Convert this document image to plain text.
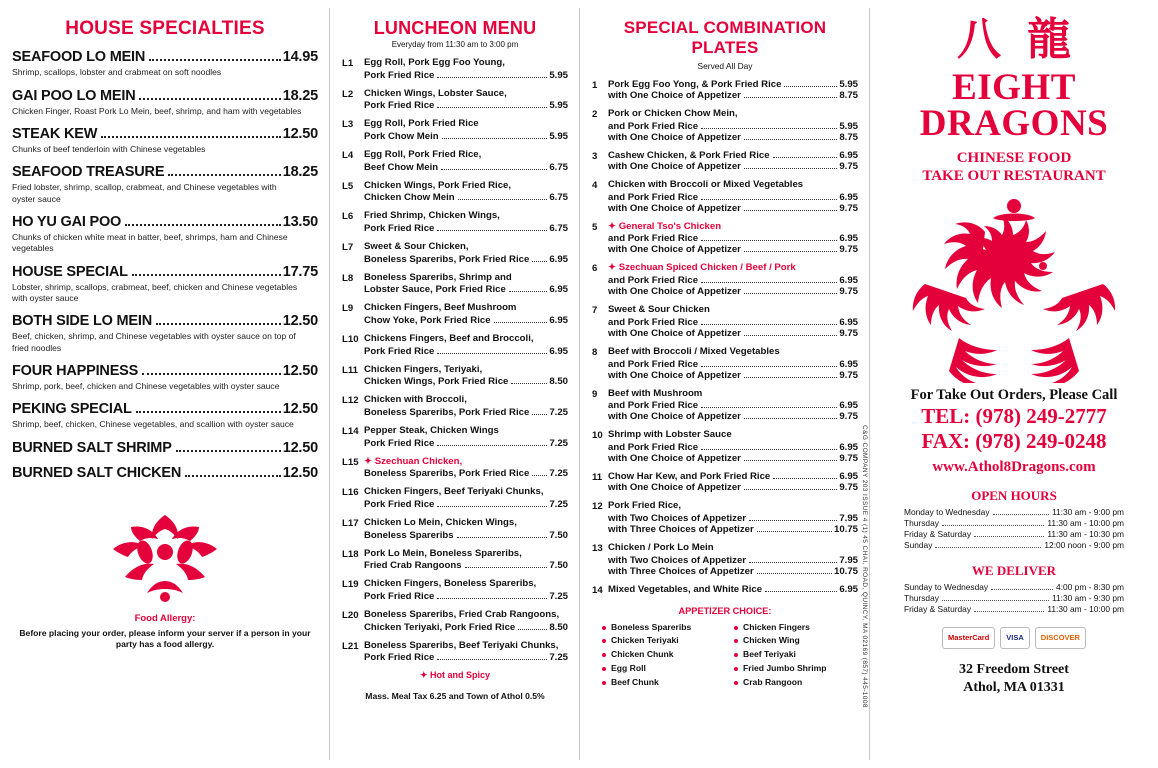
HOUSE SPECIALTIES
SEAFOOD LO MEIN	14.95
Shrimp, scallops, lobster and crabmeat on soft noodles
GAI POO LO MEIN	18.25
Chicken Finger, Roast Pork Lo Mein, beef, shrimp, and ham with vegetables
STEAK KEW	12.50
Chunks of beef tenderloin with Chinese vegetables
SEAFOOD TREASURE	18.25
Fried lobster, shrimp, scallop, crabmeat, and Chinese vegetables with oyster sauce
HO YU GAI POO	13.50
Chunks of chicken white meat in batter, beef, shrimps, ham and Chinese vegetables
HOUSE SPECIAL	17.75
Lobster, shrimp, scallops, crabmeat, beef, chicken and Chinese vegetables with oyster sauce
BOTH SIDE LO MEIN	12.50
Beef, chicken, shrimp, and Chinese vegetables with oyster sauce on top of fried noodles
FOUR HAPPINESS	12.50
Shrimp, pork, beef, chicken and Chinese vegetables with oyster sauce
PEKING SPECIAL	12.50
Shrimp, beef, chicken, Chinese vegetables, and scallion with oyster sauce
BURNED SALT SHRIMP	12.50
BURNED SALT CHICKEN	12.50
Food Allergy:
Before placing your order, please inform your server if a person in your party has a food allergy.
LUNCHEON MENU
Everyday from 11:30 am to 3:00 pm
L1	Egg Roll, Pork Egg Foo Young,
Pork Fried Rice	5.95
L2	Chicken Wings, Lobster Sauce,
Pork Fried Rice	5.95
L3	Egg Roll, Pork Fried Rice
Pork Chow Mein	5.95
L4	Egg Roll, Pork Fried Rice,
Beef Chow Mein	6.75
L5	Chicken Wings, Pork Fried Rice,
Chicken Chow Mein	6.75
L6	Fried Shrimp, Chicken Wings,
Pork Fried Rice	6.75
L7	Sweet & Sour Chicken,
Boneless Spareribs, Pork Fried Rice 6.95
L8	Boneless Spareribs, Shrimp and
Lobster Sauce, Pork Fried Rice	6.95
L9	Chicken Fingers, Beef Mushroom
Chow Yoke, Pork Fried Rice	6.95
L10 Chickens Fingers, Beef and Broccoli,
Pork Fried Rice	6.95
L11 Chicken Fingers, Teriyaki,
Chicken Wings, Pork Fried Rice	8.50
L12 Chicken with Broccoli,
Boneless Spareribs, Pork Fried Rice 7.25
L14 Pepper Steak, Chicken Wings
Pork Fried Rice	7.25
L15 ✦ Szechuan Chicken,
Boneless Spareribs, Pork Fried Rice 7.25
L16 Chicken Fingers, Beef Teriyaki Chunks,
Pork Fried Rice	7.25
L17 Chicken Lo Mein, Chicken Wings,
Boneless Spareribs	7.50
L18 Pork Lo Mein, Boneless Spareribs,
Fried Crab Rangoons	7.50
L19 Chicken Fingers, Boneless Spareribs,
Pork Fried Rice	7.25
L20 Boneless Spareribs, Fried Crab Rangoons,
Chicken Teriyaki, Pork Fried Rice	8.50
L21 Boneless Spareribs, Beef Teriyaki Chunks,
Pork Fried Rice	7.25
✦ Hot and Spicy
Mass. Meal Tax 6.25 and Town of Athol 0.5%
SPECIAL COMBINATION
PLATES
Served All Day
1	Pork Egg Foo Yong, & Pork Fried Rice	5.95
with One Choice of Appetizer	8.75
2	Pork or Chicken Chow Mein,
and Pork Fried Rice	5.95
with One Choice of Appetizer	8.75
3	Cashew Chicken, & Pork Fried Rice	6.95
with One Choice of Appetizer	9.75
4	Chicken with Broccoli or Mixed Vegetables
and Pork Fried Rice	6.95
with One Choice of Appetizer	9.75
5	✦ General Tso's Chicken
and Pork Fried Rice	6.95
with One Choice of Appetizer	9.75
6	✦ Szechuan Spiced Chicken / Beef / Pork
and Pork Fried Rice	6.95
with One Choice of Appetizer	9.75
7	Sweet & Sour Chicken
and Pork Fried Rice	6.95
with One Choice of Appetizer	9.75
8	Beef with Broccoli / Mixed Vegetables
and Pork Fried Rice	6.95
with One Choice of Appetizer	9.75
9	Beef with Mushroom
and Pork Fried Rice	6.95
with One Choice of Appetizer	9.75
10 Shrimp with Lobster Sauce
and Pork Fried Rice	6.95
with One Choice of Appetizer	9.75
11 Chow Har Kew, and Pork Fried Rice	6.95
with One Choice of Appetizer	9.75
12 Pork Fried Rice,
with Two Choices of Appetizer	7.95
with Three Choices of Appetizer	10.75
13 Chicken / Pork Lo Mein
with Two Choices of Appetizer	7.95
with Three Choices of Appetizer	10.75
14 Mixed Vegetables, and White Rice	6.95
APPETIZER CHOICE:
Boneless Spareribs	Chicken Fingers
Chicken Teriyaki	Chicken Wing
Chicken Chunk	Beef Teriyaki
Egg Roll	Fried Jumbo Shrimp
Beef Chunk	Crab Rangoon	C&G COMPANY 203 ISSUE 4 (1) 45 CHAI, ROAD, QUINCY, MA 02169 (857) 445-1008
八龍
EIGHT
DRAGONS
CHINESE FOOD
TAKE OUT RESTAURANT
For Take Out Orders, Please Call
TEL: (978) 249-2777
FAX: (978) 249-0248
www.Athol8Dragons.com
OPEN HOURS
Monday to Wednesday	11:30 am - 9:00 pm
Thursday	11:30 am - 10:00 pm
Friday & Saturday	11:30 am - 10:30 pm
Sunday	12:00 noon - 9:00 pm
WE DELIVER
Sunday to Wednesday	4:00 pm - 8:30 pm
Thursday	11:30 am - 9:30 pm
Friday & Saturday	11:30 am - 10:00 pm
MasterCard	VISA	DISCOVER
32 Freedom Street
Athol, MA 01331
